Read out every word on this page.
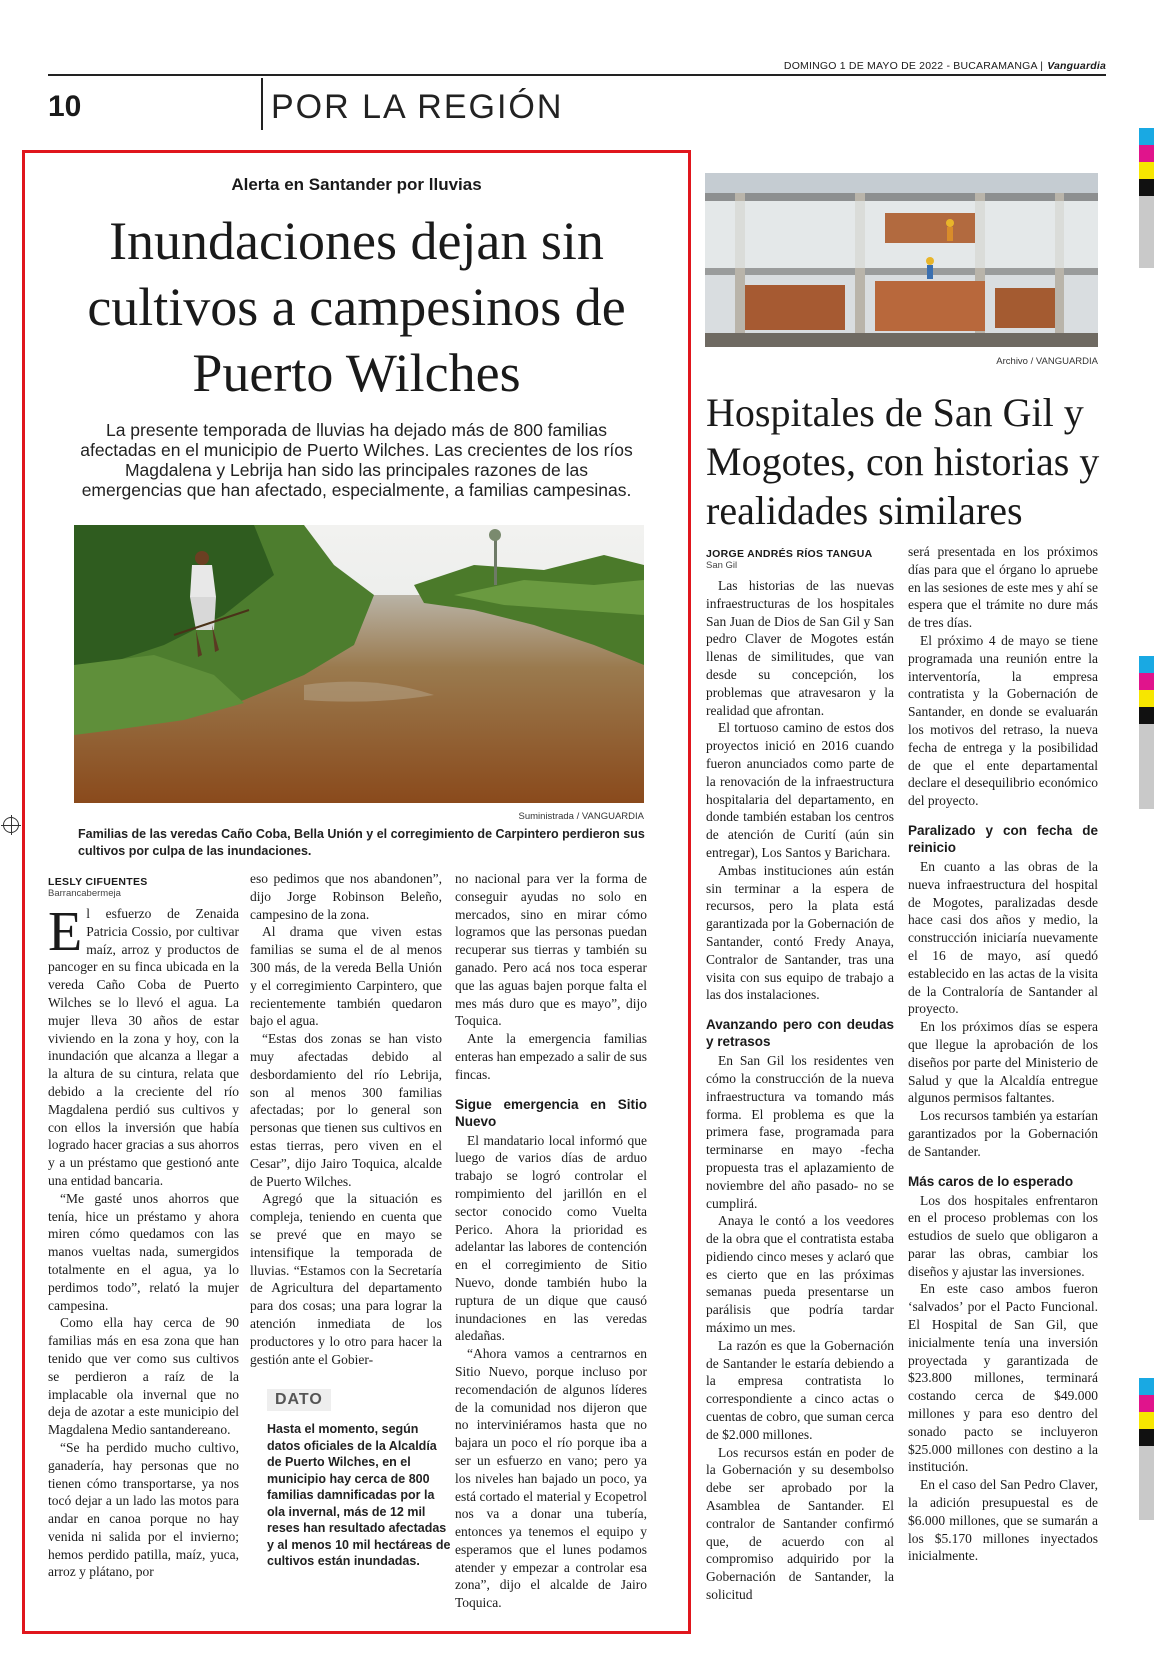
DOMINGO 1 DE MAYO DE 2022 - BUCARAMANGA | Vanguardia
10	POR LA REGIÓN
Alerta en Santander por lluvias
Inundaciones dejan sin cultivos a campesinos de Puerto Wilches
La presente temporada de lluvias ha dejado más de 800 familias afectadas en el municipio de Puerto Wilches. Las crecientes de los ríos Magdalena y Lebrija han sido las principales razones de las emergencias que han afectado, especialmente, a familias campesinas.
Suministrada / VANGUARDIA
Familias de las veredas Caño Coba, Bella Unión y el corregimiento de Carpintero perdieron sus cultivos por culpa de las inundaciones.
LESLY CIFUENTES
Barrancabermeja

El esfuerzo de Zenaida Patricia Cossio, por cultivar maíz, arroz y productos de pancoger en su finca ubicada en la vereda Caño Coba de Puerto Wilches se lo llevó el agua. La mujer lleva 30 años de estar viviendo en la zona y hoy, con la inundación que alcanza a llegar a la altura de su cintura, relata que debido a la creciente del río Magdalena perdió sus cultivos y con ellos la inversión que había logrado hacer gracias a sus ahorros y a un préstamo que gestionó ante una entidad bancaria.

“Me gasté unos ahorros que tenía, hice un préstamo y ahora miren cómo quedamos con las manos vueltas nada, sumergidos totalmente en el agua, ya lo perdimos todo”, relató la mujer campesina.

Como ella hay cerca de 90 familias más en esa zona que han tenido que ver como sus cultivos se perdieron a raíz de la implacable ola invernal que no deja de azotar a este municipio del Magdalena Medio santandereano.

“Se ha perdido mucho cultivo, ganadería, hay personas que no tienen cómo transportarse, ya nos tocó dejar a un lado las motos para andar en canoa porque no hay venida ni salida por el invierno; hemos perdido patilla, maíz, yuca, arroz y plátano, por

eso pedimos que nos abandonen”, dijo Jorge Robinson Beleño, campesino de la zona.

Al drama que viven estas familias se suma el de al menos 300 más, de la vereda Bella Unión y el corregimiento Carpintero, que recientemente también quedaron bajo el agua.

“Estas dos zonas se han visto muy afectadas debido al desbordamiento del río Lebrija, son al menos 300 familias afectadas; por lo general son personas que tienen sus cultivos en estas tierras, pero viven en el Cesar”, dijo Jairo Toquica, alcalde de Puerto Wilches.

Agregó que la situación es compleja, teniendo en cuenta que se prevé que en mayo se intensifique la temporada de lluvias. “Estamos con la Secretaría de Agricultura del departamento para dos cosas; una para lograr la atención inmediata de los productores y lo otro para hacer la gestión ante el Gobier-

DATO
Hasta el momento, según datos oficiales de la Alcaldía de Puerto Wilches, en el municipio hay cerca de 800 familias damnificadas por la ola invernal, más de 12 mil reses han resultado afectadas y al menos 10 mil hectáreas de cultivos están inundadas.

no nacional para ver la forma de conseguir ayudas no solo en mercados, sino en mirar cómo logramos que las personas puedan recuperar sus tierras y también su ganado. Pero acá nos toca esperar que las aguas bajen porque falta el mes más duro que es mayo”, dijo Toquica.

Ante la emergencia familias enteras han empezado a salir de sus fincas.

Sigue emergencia en Sitio Nuevo

El mandatario local informó que luego de varios días de arduo trabajo se logró controlar el rompimiento del jarillón en el sector conocido como Vuelta Perico. Ahora la prioridad es adelantar las labores de contención en el corregimiento de Sitio Nuevo, donde también hubo la ruptura de un dique que causó inundaciones en las veredas aledañas.

“Ahora vamos a centrarnos en Sitio Nuevo, porque incluso por recomendación de algunos líderes de la comunidad nos dijeron que no interviniéramos hasta que no bajara un poco el río porque iba a ser un esfuerzo en vano; pero ya los niveles han bajado un poco, ya está cortado el material y Ecopetrol nos va a donar una tubería, entonces ya tenemos el equipo y esperamos que el lunes podamos atender y empezar a controlar esa zona”, dijo el alcalde de Jairo Toquica.

Archivo / VANGUARDIA
Hospitales de San Gil y Mogotes, con historias y realidades similares
JORGE ANDRÉS RÍOS TANGUA
San Gil

Las historias de las nuevas infraestructuras de los hospitales San Juan de Dios de San Gil y San pedro Claver de Mogotes están llenas de similitudes, que van desde su concepción, los problemas que atravesaron y la realidad que afrontan.

El tortuoso camino de estos dos proyectos inició en 2016 cuando fueron anunciados como parte de la renovación de la infraestructura hospitalaria del departamento, en donde también estaban los centros de atención de Curití (aún sin entregar), Los Santos y Barichara.

Ambas instituciones aún están sin terminar a la espera de recursos, pero la plata está garantizada por la Gobernación de Santander, contó Fredy Anaya, Contralor de Santander, tras una visita con sus equipo de trabajo a las dos instalaciones.

Avanzando pero con deudas y retrasos

En San Gil los residentes ven cómo la construcción de la nueva infraestructura va tomando más forma. El problema es que la primera fase, programada para terminarse en mayo -fecha propuesta tras el aplazamiento de noviembre del año pasado- no se cumplirá.

Anaya le contó a los veedores de la obra que el contratista estaba pidiendo cinco meses y aclaró que es cierto que en las próximas semanas pueda presentarse un parálisis que podría tardar máximo un mes.

La razón es que la Gobernación de Santander le estaría debiendo a la empresa contratista lo correspondiente a cinco actas o cuentas de cobro, que suman cerca de $2.000 millones.

Los recursos están en poder de la Gobernación y su desembolso debe ser aprobado por la Asamblea de Santander. El contralor de Santander confirmó que, de acuerdo con al compromiso adquirido por la Gobernación de Santander, la solicitud

será presentada en los próximos días para que el órgano lo apruebe en las sesiones de este mes y ahí se espera que el trámite no dure más de tres días.

El próximo 4 de mayo se tiene programada una reunión entre la interventoría, la empresa contratista y la Gobernación de Santander, en donde se evaluarán los motivos del retraso, la nueva fecha de entrega y la posibilidad de que el ente departamental declare el desequilibrio económico del proyecto.

Paralizado y con fecha de reinicio

En cuanto a las obras de la nueva infraestructura del hospital de Mogotes, paralizadas desde hace casi dos años y medio, la construcción iniciaría nuevamente el 16 de mayo, así quedó establecido en las actas de la visita de la Contraloría de Santander al proyecto.

En los próximos días se espera que llegue la aprobación de los diseños por parte del Ministerio de Salud y que la Alcaldía entregue algunos permisos faltantes.

Los recursos también ya estarían garantizados por la Gobernación de Santander.

Más caros de lo esperado

Los dos hospitales enfrentaron en el proceso problemas con los estudios de suelo que obligaron a parar las obras, cambiar los diseños y ajustar las inversiones.

En este caso ambos fueron ‘salvados’ por el Pacto Funcional. El Hospital de San Gil, que inicialmente tenía una inversión proyectada y garantizada de $23.800 millones, terminará costando cerca de $49.000 millones y para eso dentro del sonado pacto se incluyeron $25.000 millones con destino a la institución.

En el caso del San Pedro Claver, la adición presupuestal es de $6.000 millones, que se sumarán a los $5.170 millones inyectados inicialmente.
